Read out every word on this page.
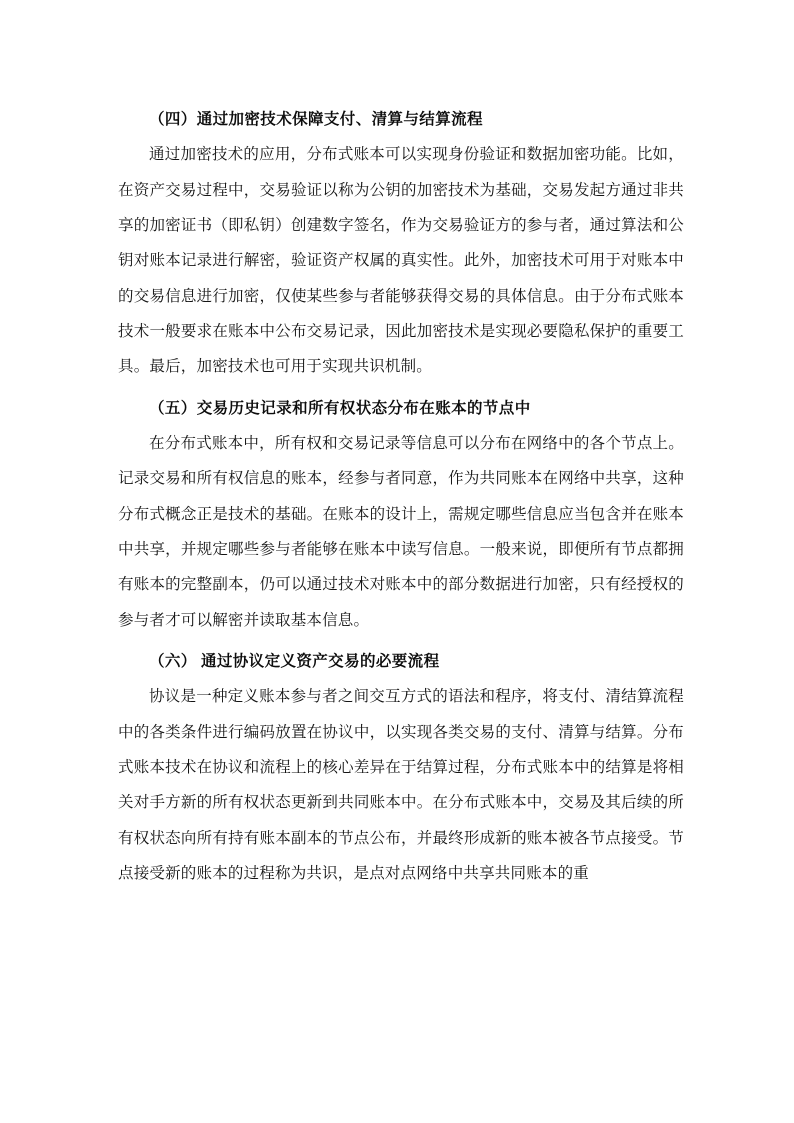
（四）通过加密技术保障支付、清算与结算流程

通过加密技术的应用，分布式账本可以实现身份验证和数据加密功能。比如，在资产交易过程中，交易验证以称为公钥的加密技术为基础，交易发起方通过非共享的加密证书（即私钥）创建数字签名，作为交易验证方的参与者，通过算法和公钥对账本记录进行解密，验证资产权属的真实性。此外，加密技术可用于对账本中的交易信息进行加密，仅使某些参与者能够获得交易的具体信息。由于分布式账本技术一般要求在账本中公布交易记录，因此加密技术是实现必要隐私保护的重要工具。最后，加密技术也可用于实现共识机制。

（五）交易历史记录和所有权状态分布在账本的节点中

在分布式账本中，所有权和交易记录等信息可以分布在网络中的各个节点上。记录交易和所有权信息的账本，经参与者同意，作为共同账本在网络中共享，这种分布式概念正是技术的基础。在账本的设计上，需规定哪些信息应当包含并在账本中共享，并规定哪些参与者能够在账本中读写信息。一般来说，即便所有节点都拥有账本的完整副本，仍可以通过技术对账本中的部分数据进行加密，只有经授权的参与者才可以解密并读取基本信息。

（六） 通过协议定义资产交易的必要流程

协议是一种定义账本参与者之间交互方式的语法和程序，将支付、清结算流程中的各类条件进行编码放置在协议中，以实现各类交易的支付、清算与结算。分布式账本技术在协议和流程上的核心差异在于结算过程，分布式账本中的结算是将相关对手方新的所有权状态更新到共同账本中。在分布式账本中，交易及其后续的所有权状态向所有持有账本副本的节点公布，并最终形成新的账本被各节点接受。节点接受新的账本的过程称为共识，是点对点网络中共享共同账本的重
